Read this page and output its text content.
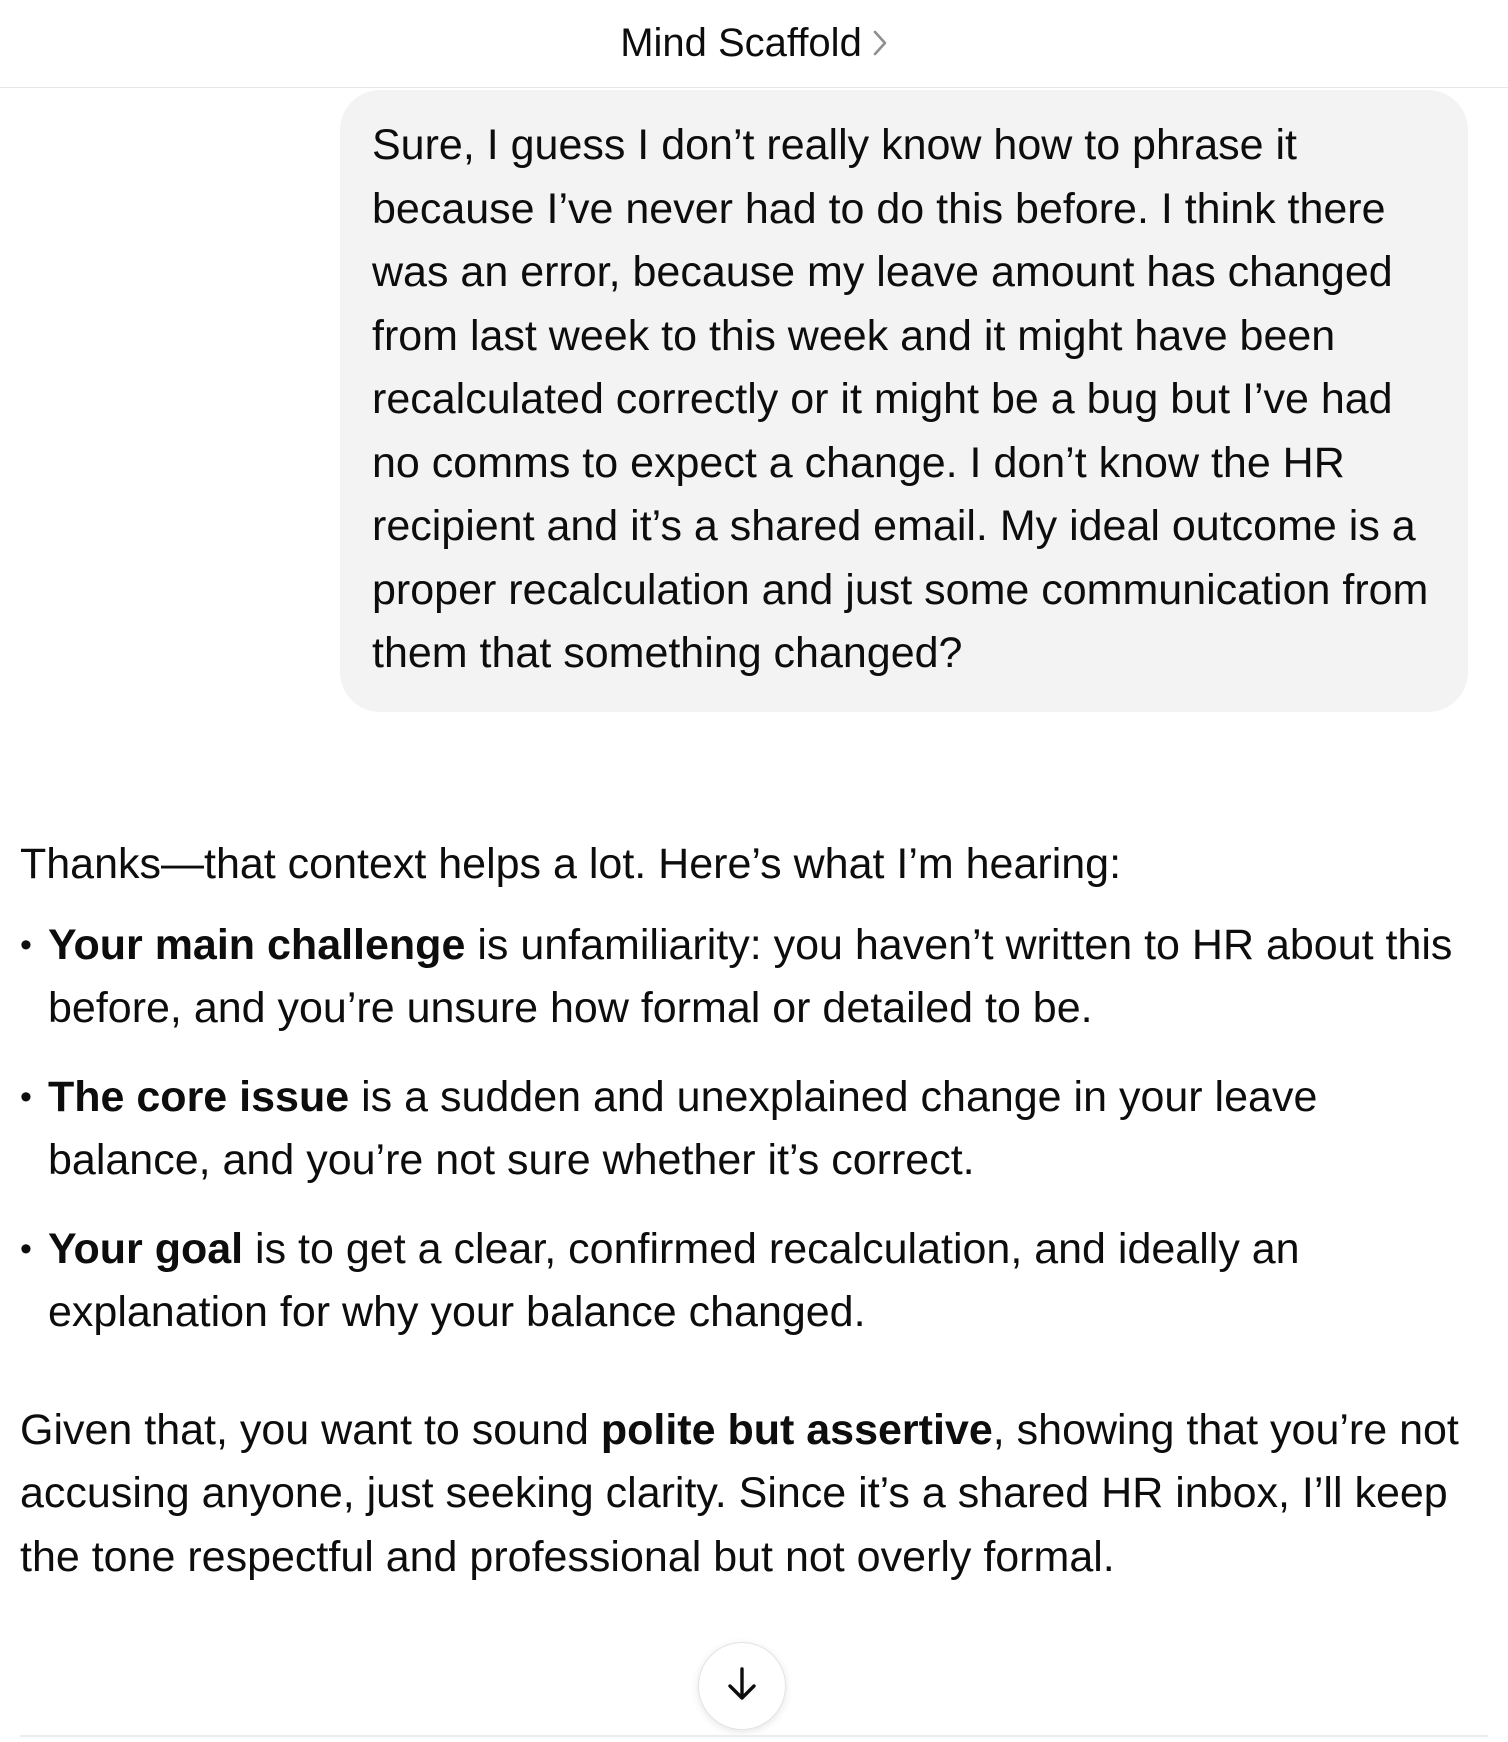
Mind Scaffold
Sure, I guess I don’t really know how to phrase it because I’ve never had to do this before. I think there was an error, because my leave amount has changed from last week to this week and it might have been recalculated correctly or it might be a bug but I’ve had no comms to expect a change. I don’t know the HR recipient and it’s a shared email. My ideal outcome is a proper recalculation and just some communication from them that something changed?

Thanks—that context helps a lot. Here’s what I’m hearing:

• Your main challenge is unfamiliarity: you haven’t written to HR about this before, and you’re unsure how formal or detailed to be.
• The core issue is a sudden and unexplained change in your leave balance, and you’re not sure whether it’s correct.
• Your goal is to get a clear, confirmed recalculation, and ideally an explanation for why your balance changed.

Given that, you want to sound polite but assertive, showing that you’re not accusing anyone, just seeking clarity. Since it’s a shared HR inbox, I’ll keep the tone respectful and professional but not overly formal.
